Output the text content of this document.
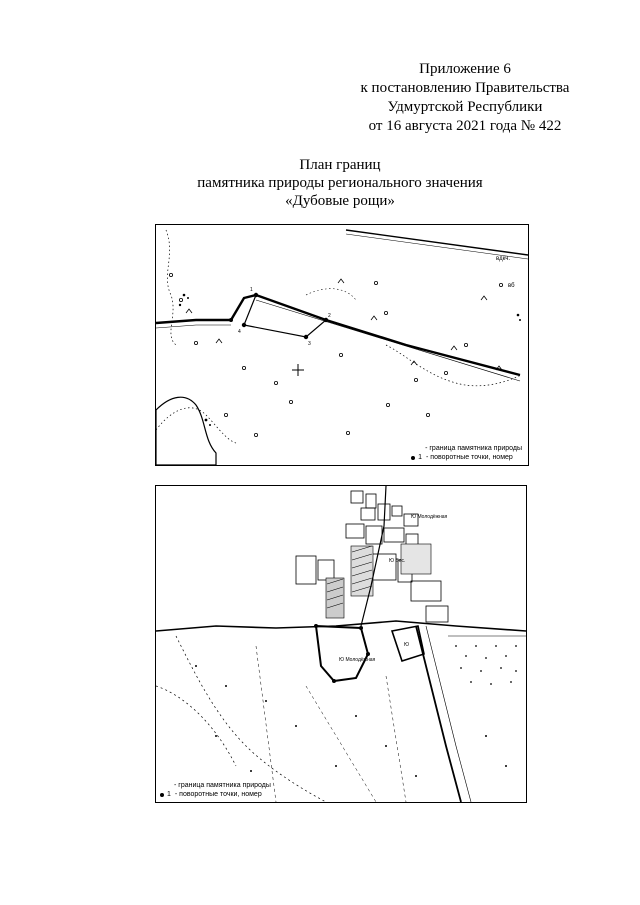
Приложение 6
к постановлению Правительства
Удмуртской Республики
от 16 августа 2021 года № 422
План границ
памятника природы регионального значения
«Дубовые рощи»
вдкч.
вб
1
2
3
4
- граница памятника природы
1 - поворотные точки, номер
Ю Молодёжная
Ю Вес.
Ю Молодёжная
Ю
- граница памятника природы
1 - поворотные точки, номер
